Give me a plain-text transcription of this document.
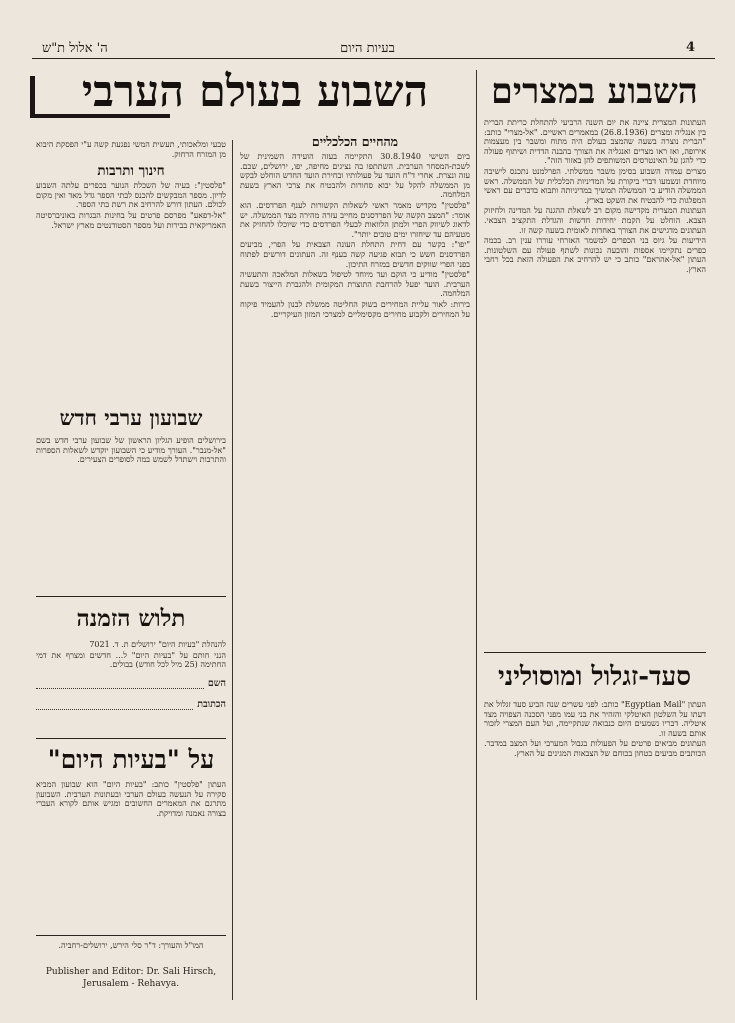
4
בעיות היום
ה' אלול ת"ש
השבוע בעולם הערבי	השבוע במצרים

העתונות המצרית ציינה את יום השנה הרביעי להתחלת כריתת הברית בין אנגליה ומצרים (26.8.1936) במאמרים ראשיים. "אל-מצרי" כותב: "הברית נוצרה בשעה שהמצב בעולם היה מתוח ומשבר בין מעצמות אירופה, ואז ראו מצרים ואנגליה את הצורך בהבנה הדדית ושיתוף פעולה כדי להגן על האינטרסים המשותפים להן באזור הזה".

מצרים עמדה השבוע בסימן משבר ממשלתי. הפרלמנט נתכנס לישיבה מיוחדת ונשמעו דברי ביקורת על המדיניות הכלכלית של הממשלה. ראש הממשלה הודיע כי הממשלה תמשיך במדיניותה ותבוא בדברים עם ראשי המפלגות כדי להבטיח את השקט בארץ.

העתונות המצרית מקדישה מקום רב לשאלת ההגנה על המדינה ולחיזוק הצבא. הוחלט על הקמת יחידות חדשות והגדלת התקציב הצבאי. העתונים מדגישים את הצורך באחדות לאומית בשעה קשה זו.

הידיעות על גיוס בני הכפרים למשמר האזרחי עוררו ענין רב. בכמה כפרים נתקיימו אספות והובעה נכונות לשתף פעולה עם השלטונות. העתון "אל-אהראם" כותב כי יש להרחיב את הפעולה הזאת בכל רחבי הארץ.

סעד-זגלול ומוסוליני

העתון "Egyptian Mail" כותב: לפני עשרים שנה הביע סעד זגלול את דעתו על השלטון האיטלקי והזהיר את בני עמו מפני הסכנה הצפויה מצד איטליה. דבריו נשמעים היום כנבואה שנתקיימה, ועל העם המצרי לזכור אותם בשעה זו.

העתונים מביאים פרטים על הפעולות בגבול המערבי ועל המצב במדבר. הכותבים מביעים בטחון בכוחם של הצבאות המגינים על הארץ.

מהחיים הכלכליים

ביום השישי 30.8.1940 התקיימה בעזה הועידה השמינית של לשכת-המסחר הערבית. השתתפו בה נציגים מחיפה, יפו, ירושלים, שכם. עזה ונצרת. אחרי ד"ח הועד על פעולותיו ובחירת הועד החדש הוחלט לבקש מן הממשלה להקל על יבוא סחורות ולהבטיח את צרכי הארץ בשעת המלחמה.

"פלסטין" מקדיש מאמר ראשי לשאלות הקשורות לענף הפרדסים. הוא אומר: "המצב הקשה של הפרדסנים מחייב עזרה מהירה מצד הממשלה. יש לדאוג לשיווק הפרי ולמתן הלוואות לבעלי הפרדסים כדי שיוכלו להחזיק את מטעיהם עד שיחזרו ימים טובים יותר".

"יפו": בקשר עם דחית התחלת העונה הצבאית על הפרי, מביעים הפרדסנים חשש כי תבוא פגיעה קשה בענף זה. העתונים דורשים לפתוח בפני הפרי שווקים חדשים במזרח התיכון.

"פלסטין" מודיע כי הוקם ועד מיוחד לטיפול בשאלות המלאכה והתעשיה הערבית. הועד יפעל להרחבת התוצרת המקומית ולהגברת הייצור בשעת המלחמה.

בירות: לאור עליית המחירים בשוק החליטה ממשלת לבנון להעמיד פיקוח על המחירים ולקבוע מחירים מקסימליים למצרכי המזון העיקריים.

טבעי ומלאכותי, תעשית המשי נפגעת קשה ע"י הפסקת היבוא מן המזרח הרחוק.

חינוך ותרבות

"פלסטין": בעיה של השכלת הנוער בכפרים עלתה השבוע לדיון. מספר המבקשים להכנס לבתי הספר גדל מאד ואין מקום לכולם. העתון דורש להרחיב את רשת בתי הספר.

"אל-דפאע" מפרסם פרטים על בחינות הבגרות באוניברסיטה האמריקאית בבירות ועל מספר הסטודנטים מארץ ישראל.

שבועון ערבי חדש

בירושלים הופיע הגליון הראשון של שבועון ערבי חדש בשם "אל-מנבר". העורך מודיע כי השבועון יוקדש לשאלות הספרות והתרבות וישתדל לשמש במה לסופרים הצעירים.

תלוש הזמנה

להנהלת "בעיות היום" ירושלים ת. ד. 7021

הנני חותם על "בעיות היום" ל... חדשים ומצרף את דמי החתימה (25 מיל לכל חודש) בבולים.

השם
הכתובת
על "בעיות היום"

העתון "פלסטין" כותב: "בעיות היום" הוא שבועון המביא סקירה על הנעשה בעולם הערבי ובעתונות הערבית. השבועון מתרגם את המאמרים החשובים ומגיש אותם לקורא העברי בצורה נאמנה ומדויקת.

המו"ל והעורך: ד"ר סלי הירש, ירושלים-רחביה.

Publisher and Editor: Dr. Sali Hirsch,
Jerusalem - Rehavya.
